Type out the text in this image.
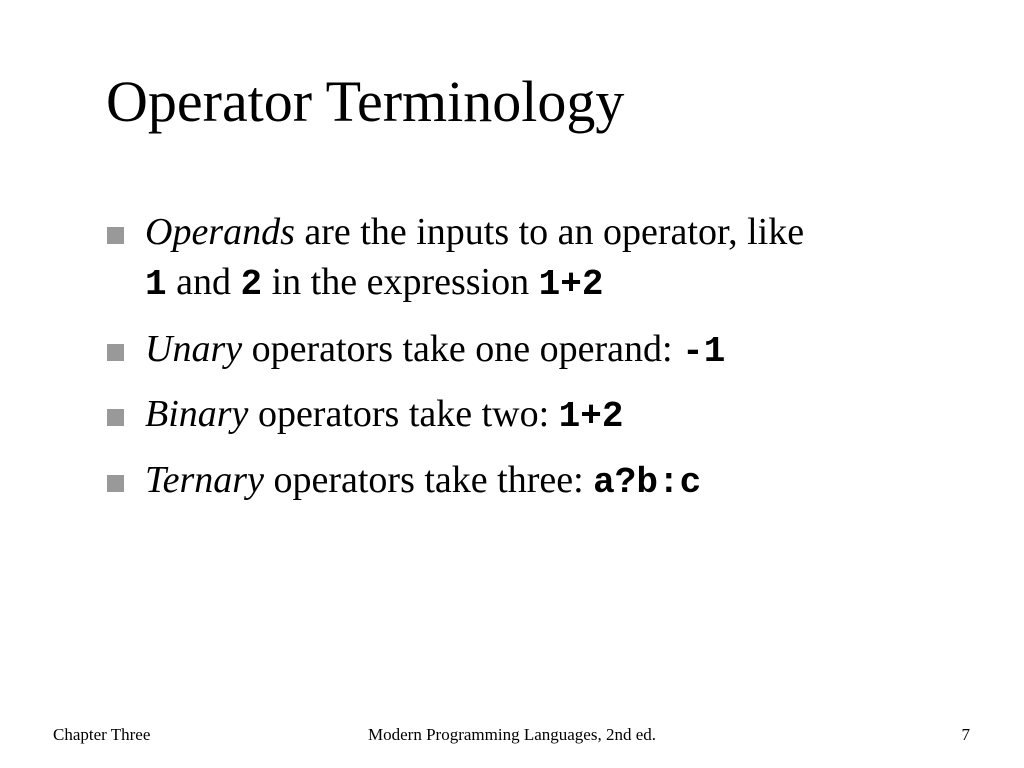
Operator Terminology
Operands are the inputs to an operator, like
1 and 2 in the expression 1+2
Unary operators take one operand: -1
Binary operators take two: 1+2
Ternary operators take three: a?b:c
Chapter Three	Modern Programming Languages, 2nd ed.	7
